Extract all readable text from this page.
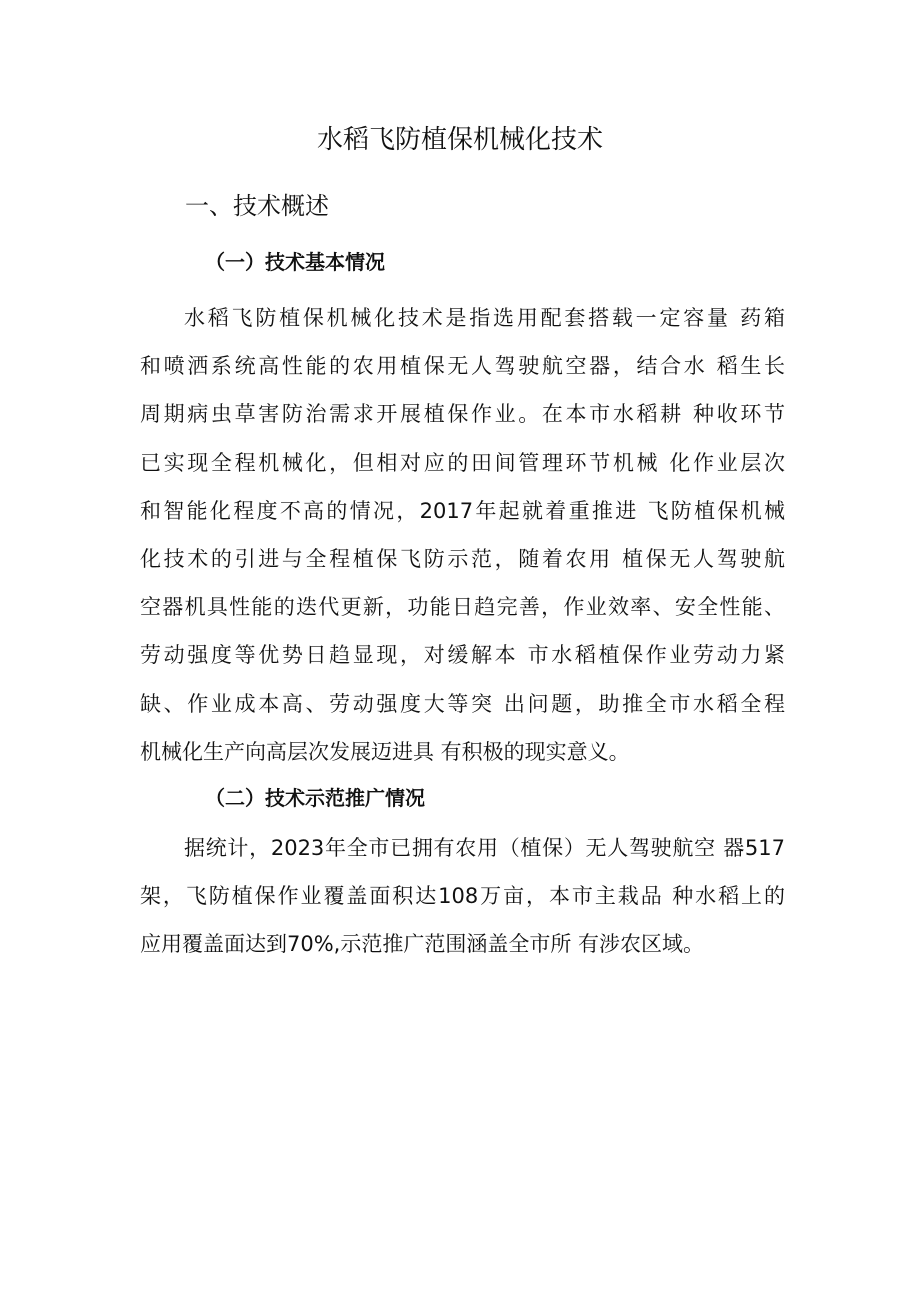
水稻飞防植保机械化技术
一、技术概述
（一）技术基本情况
水稻飞防植保机械化技术是指选用配套搭载一定容量 药箱
和喷洒系统高性能的农用植保无人驾驶航空器，结合水 稻生长
周期病虫草害防治需求开展植保作业。在本市水稻耕 种收环节
已实现全程机械化，但相对应的田间管理环节机械 化作业层次
和智能化程度不高的情况，2017年起就着重推进 飞防植保机械
化技术的引进与全程植保飞防示范，随着农用 植保无人驾驶航
空器机具性能的迭代更新，功能日趋完善，作业效率、安全性能、
劳动强度等优势日趋显现，对缓解本 市水稻植保作业劳动力紧
缺、作业成本高、劳动强度大等突 出问题，助推全市水稻全程
机械化生产向高层次发展迈进具 有积极的现实意义。
（二）技术示范推广情况
据统计，2023年全市已拥有农用（植保）无人驾驶航空 器517
架，飞防植保作业覆盖面积达108万亩，本市主栽品 种水稻上的
应用覆盖面达到70%,示范推广范围涵盖全市所 有涉农区域。
